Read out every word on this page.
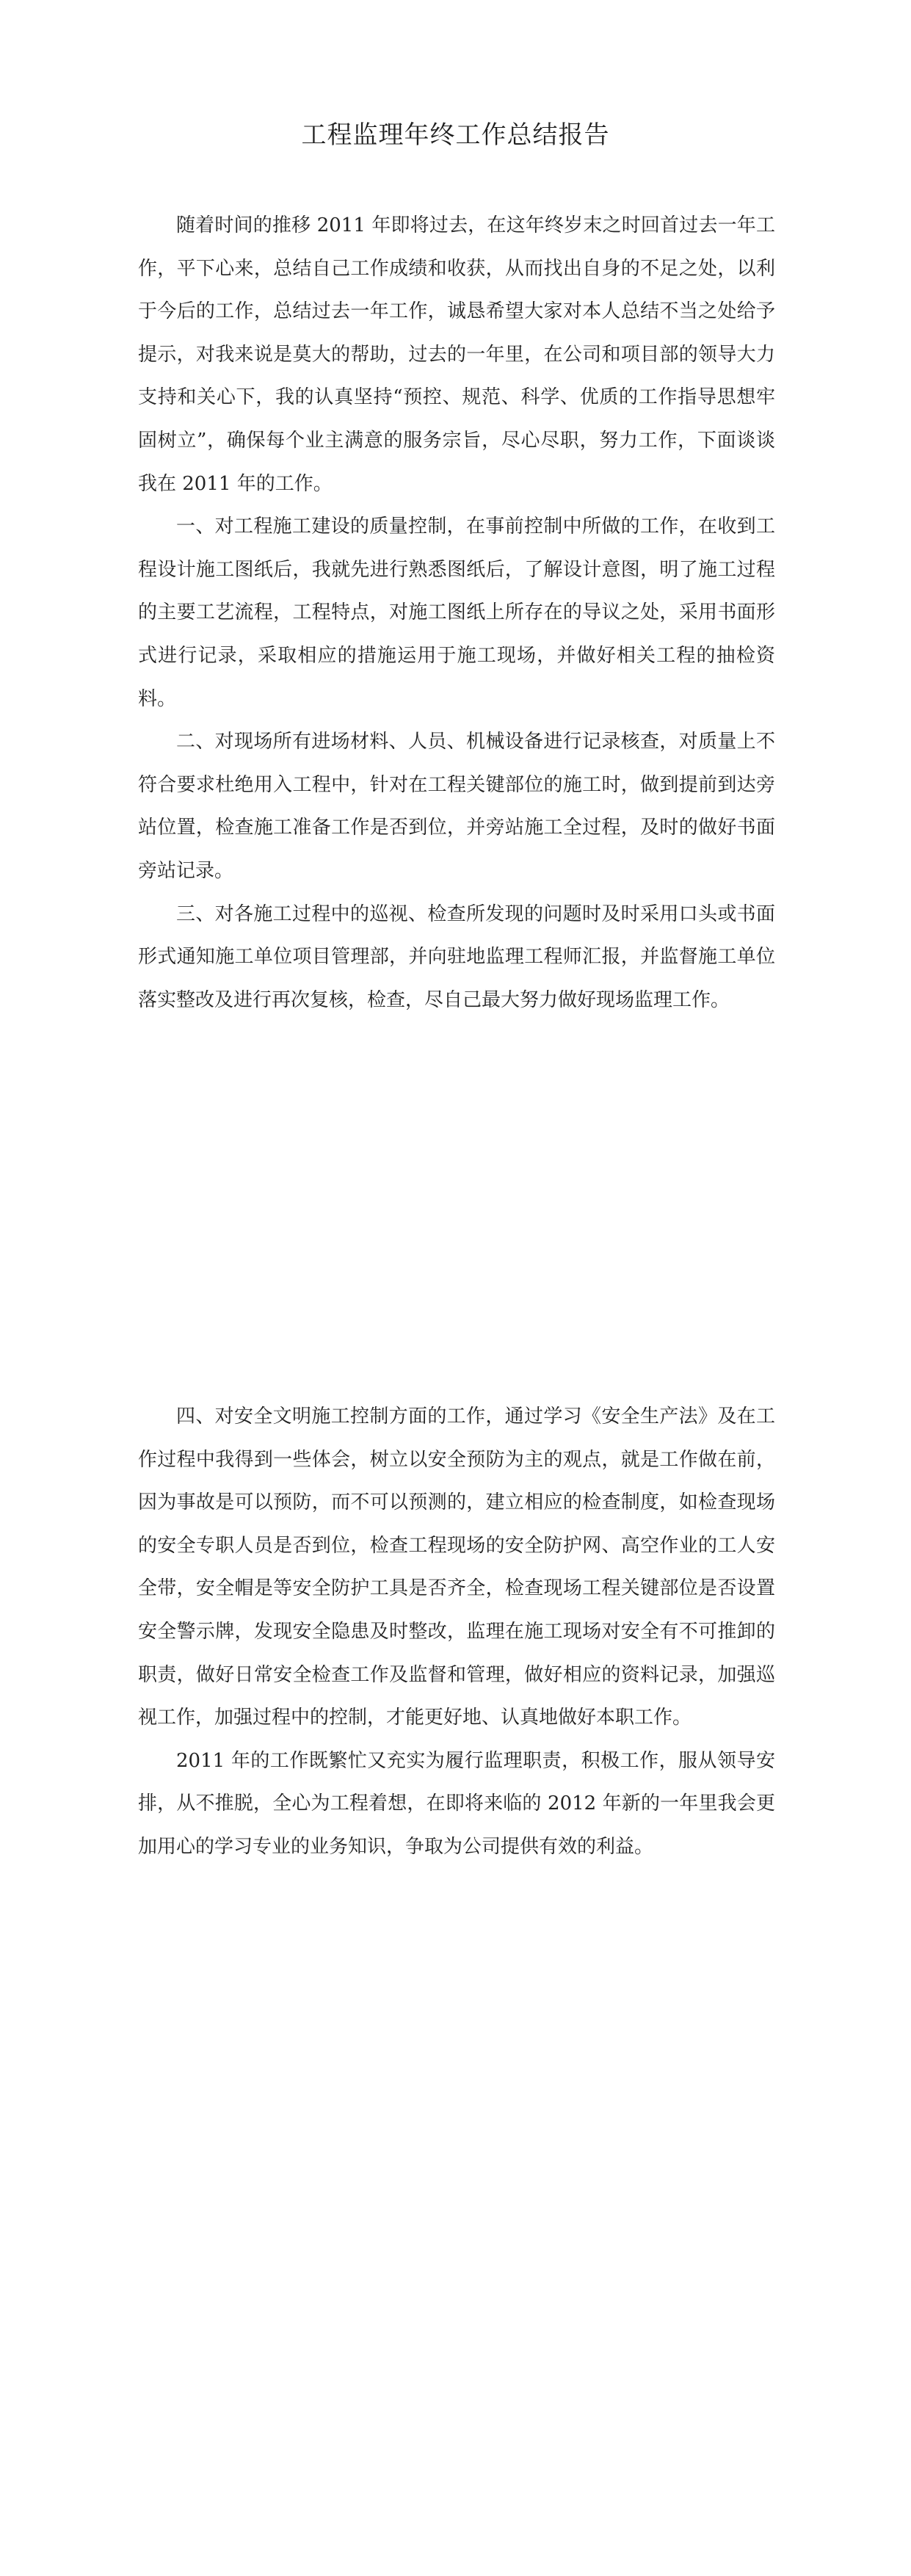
工程监理年终工作总结报告

随着时间的推移 2011 年即将过去，在这年终岁末之时回首过去一年工作，平下心来，总结自己工作成绩和收获，从而找出自身的不足之处，以利于今后的工作，总结过去一年工作，诚恳希望大家对本人总结不当之处给予提示，对我来说是莫大的帮助，过去的一年里，在公司和项目部的领导大力支持和关心下，我的认真坚持“预控、规范、科学、优质的工作指导思想牢固树立”，确保每个业主满意的服务宗旨，尽心尽职，努力工作，下面谈谈我在 2011 年的工作。

一、对工程施工建设的质量控制，在事前控制中所做的工作，在收到工程设计施工图纸后，我就先进行熟悉图纸后，了解设计意图，明了施工过程的主要工艺流程，工程特点，对施工图纸上所存在的导议之处，采用书面形式进行记录，采取相应的措施运用于施工现场，并做好相关工程的抽检资料。

二、对现场所有进场材料、人员、机械设备进行记录核查，对质量上不符合要求杜绝用入工程中，针对在工程关键部位的施工时，做到提前到达旁站位置，检查施工准备工作是否到位，并旁站施工全过程，及时的做好书面旁站记录。

三、对各施工过程中的巡视、检查所发现的问题时及时采用口头或书面形式通知施工单位项目管理部，并向驻地监理工程师汇报，并监督施工单位落实整改及进行再次复核，检查，尽自己最大努力做好现场监理工作。

四、对安全文明施工控制方面的工作，通过学习《安全生产法》及在工作过程中我得到一些体会，树立以安全预防为主的观点，就是工作做在前，因为事故是可以预防，而不可以预测的，建立相应的检查制度，如检查现场的安全专职人员是否到位，检查工程现场的安全防护网、高空作业的工人安全带，安全帽是等安全防护工具是否齐全，检查现场工程关键部位是否设置安全警示牌，发现安全隐患及时整改，监理在施工现场对安全有不可推卸的职责，做好日常安全检查工作及监督和管理，做好相应的资料记录，加强巡视工作，加强过程中的控制，才能更好地、认真地做好本职工作。

2011 年的工作既繁忙又充实为履行监理职责，积极工作，服从领导安排，从不推脱，全心为工程着想，在即将来临的 2012 年新的一年里我会更加用心的学习专业的业务知识，争取为公司提供有效的利益。
